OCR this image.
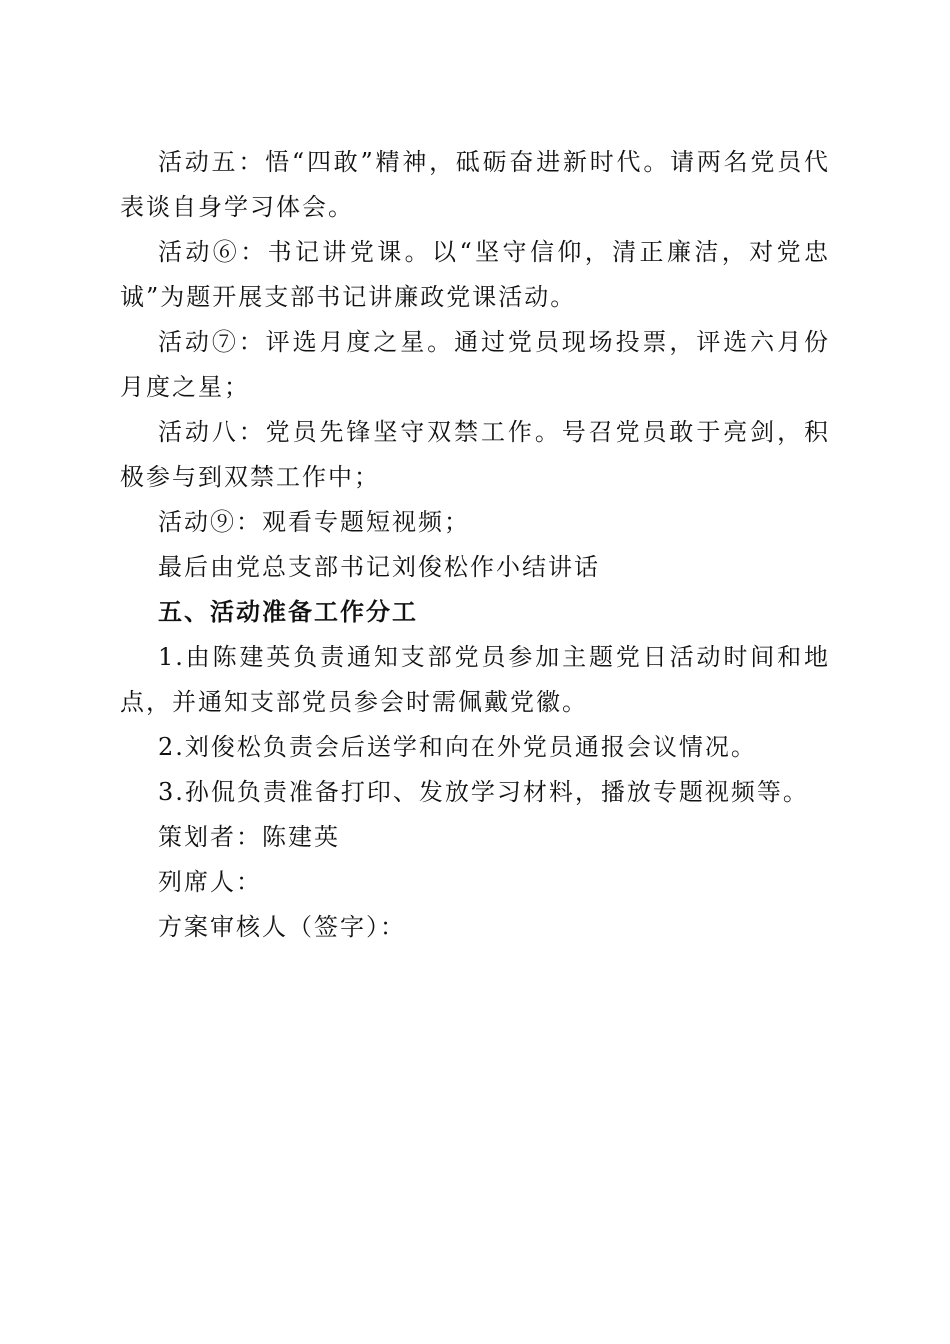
活动五：悟“四敢”精神，砥砺奋进新时代。请两名党员代表谈自身学习体会。

活动⑥：书记讲党课。以“坚守信仰，清正廉洁，对党忠诚”为题开展支部书记讲廉政党课活动。

活动⑦：评选月度之星。通过党员现场投票，评选六月份月度之星；

活动八：党员先锋坚守双禁工作。号召党员敢于亮剑，积极参与到双禁工作中；

活动⑨：观看专题短视频；

最后由党总支部书记刘俊松作小结讲话

五、活动准备工作分工

1.由陈建英负责通知支部党员参加主题党日活动时间和地点，并通知支部党员参会时需佩戴党徽。

2.刘俊松负责会后送学和向在外党员通报会议情况。

3.孙侃负责准备打印、发放学习材料，播放专题视频等。

策划者：陈建英

列席人：

方案审核人（签字）：
